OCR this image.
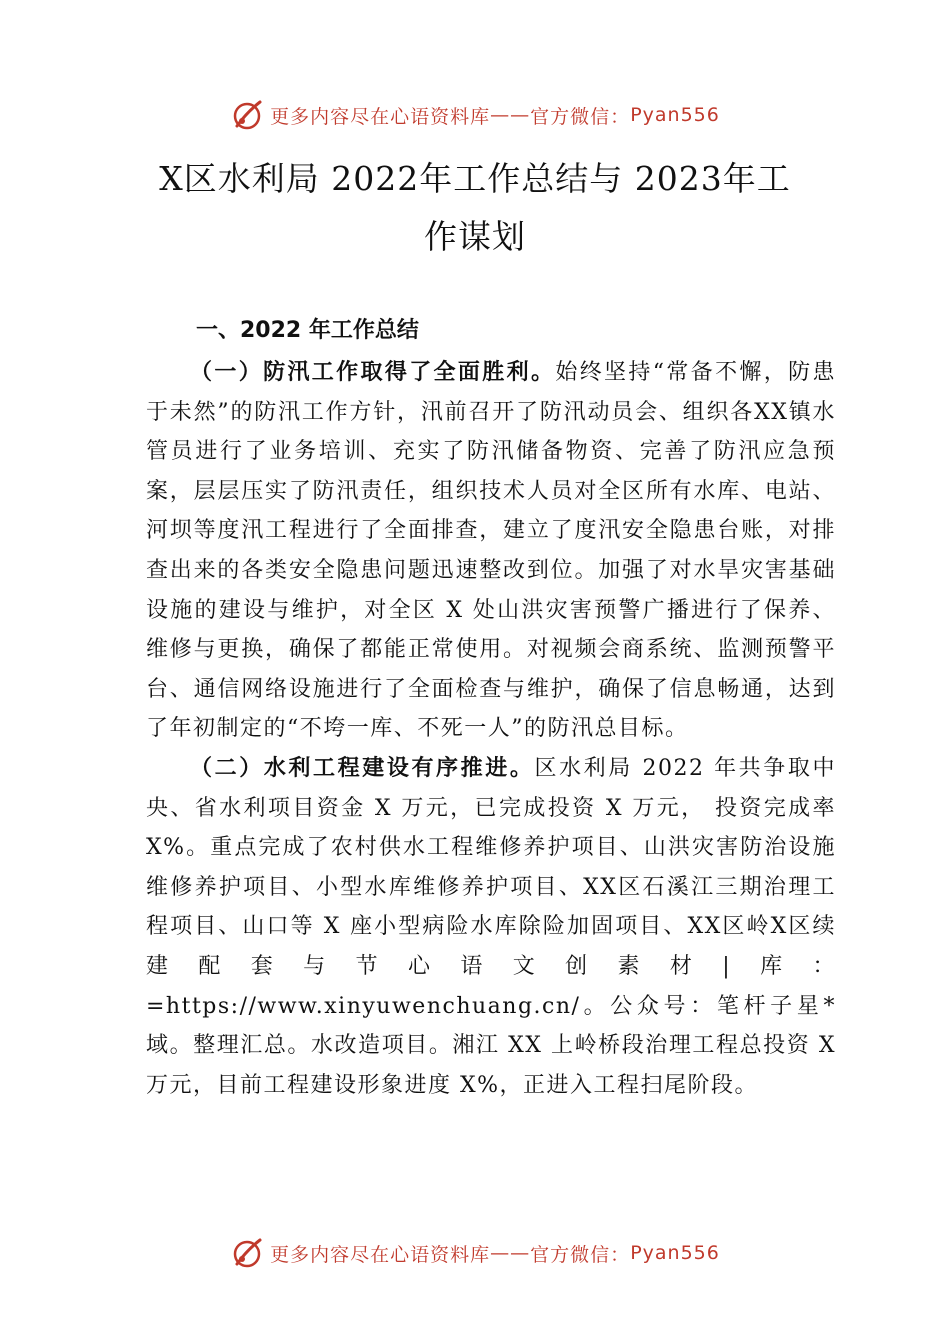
更多内容尽在心语资料库 —— 官方微信： Pyan556
X区水利局 2022年工作总结与 2023年工
作谋划
一、2022 年工作总结

（一）防汛工作取得了全面胜利。始终坚持“常备不懈，防患于未然”的防汛工作方针，汛前召开了防汛动员会、组织各XX镇水管员进行了业务培训、充实了防汛储备物资、完善了防汛应急预案，层层压实了防汛责任，组织技术人员对全区所有水库、电站、河坝等度汛工程进行了全面排查，建立了度汛安全隐患台账，对排查出来的各类安全隐患问题迅速整改到位。加强了对水旱灾害基础设施的建设与维护，对全区 X 处山洪灾害预警广播进行了保养、维修与更换，确保了都能正常使用。对视频会商系统、监测预警平台、通信网络设施进行了全面检查与维护，确保了信息畅通，达到了年初制定的“不垮一库、不死一人”的防汛总目标。

（二）水利工程建设有序推进。区水利局 2022 年共争取中央、省水利项目资金 X 万元，已完成投资 X 万元， 投资完成率 X%。重点完成了农村供水工程维修养护项目、山洪灾害防治设施维修养护项目、小型水库维修养护项目、XX区石溪江三期治理工程项目、山口等 X 座小型病险水库除险加固项目、XX区岭X区续建配套与节心语文创素材|库：=https://www.xinyuwenchuang.cn/。公众号：笔杆子星*域。整理汇总。水改造项目。湘江 XX 上岭桥段治理工程总投资 X 万元，目前工程建设形象进度 X%，正进入工程扫尾阶段。

更多内容尽在心语资料库 —— 官方微信： Pyan556
